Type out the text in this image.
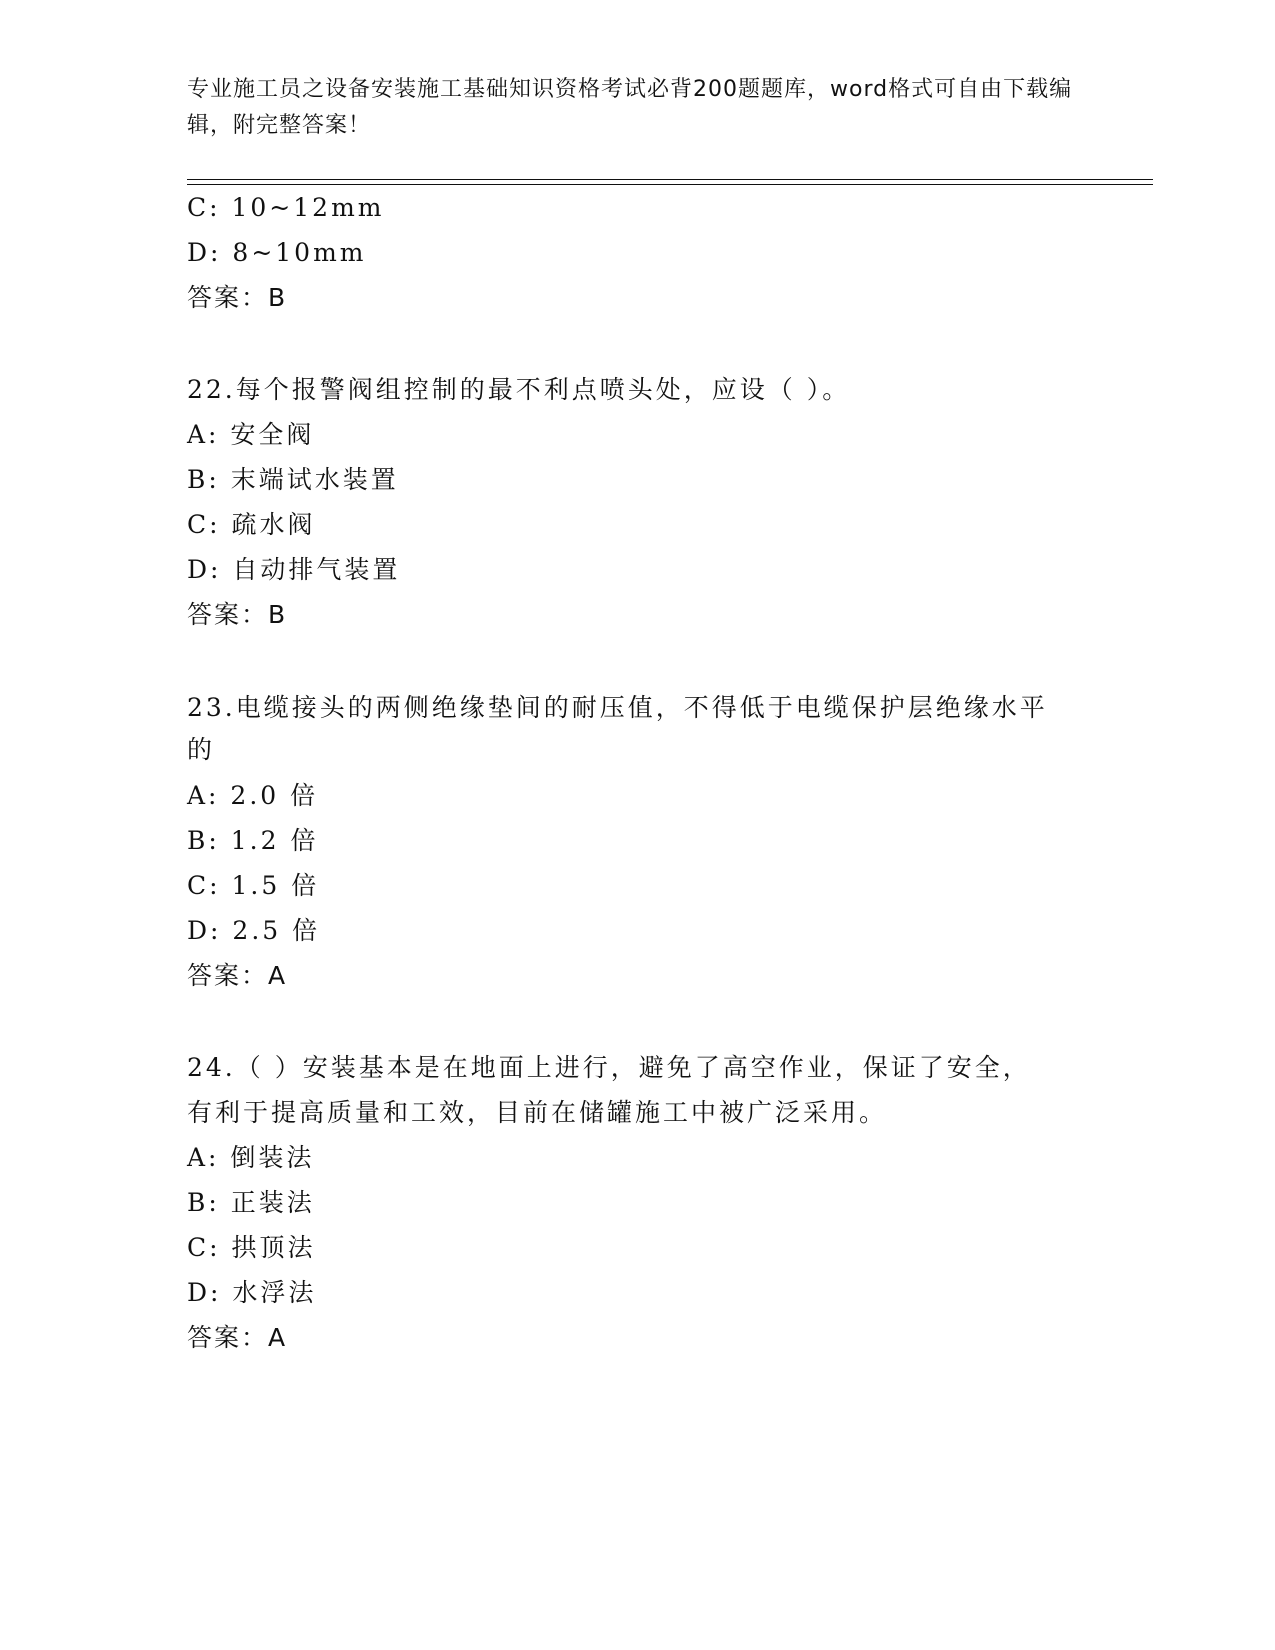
专业施工员之设备安装施工基础知识资格考试必背200题题库，word格式可自由下载编辑，附完整答案！
C: 10~12mm
D: 8~10mm
答案：B
22.每个报警阀组控制的最不利点喷头处，应设（ ）。
A: 安全阀
B: 末端试水装置
C: 疏水阀
D: 自动排气装置
答案：B
23.电缆接头的两侧绝缘垫间的耐压值，不得低于电缆保护层绝缘水平
的
A: 2.0 倍
B: 1.2 倍
C: 1.5 倍
D: 2.5 倍
答案：A
24.（ ）安装基本是在地面上进行，避免了高空作业，保证了安全，
有利于提高质量和工效，目前在储罐施工中被广泛采用。
A: 倒装法
B: 正装法
C: 拱顶法
D: 水浮法
答案：A
